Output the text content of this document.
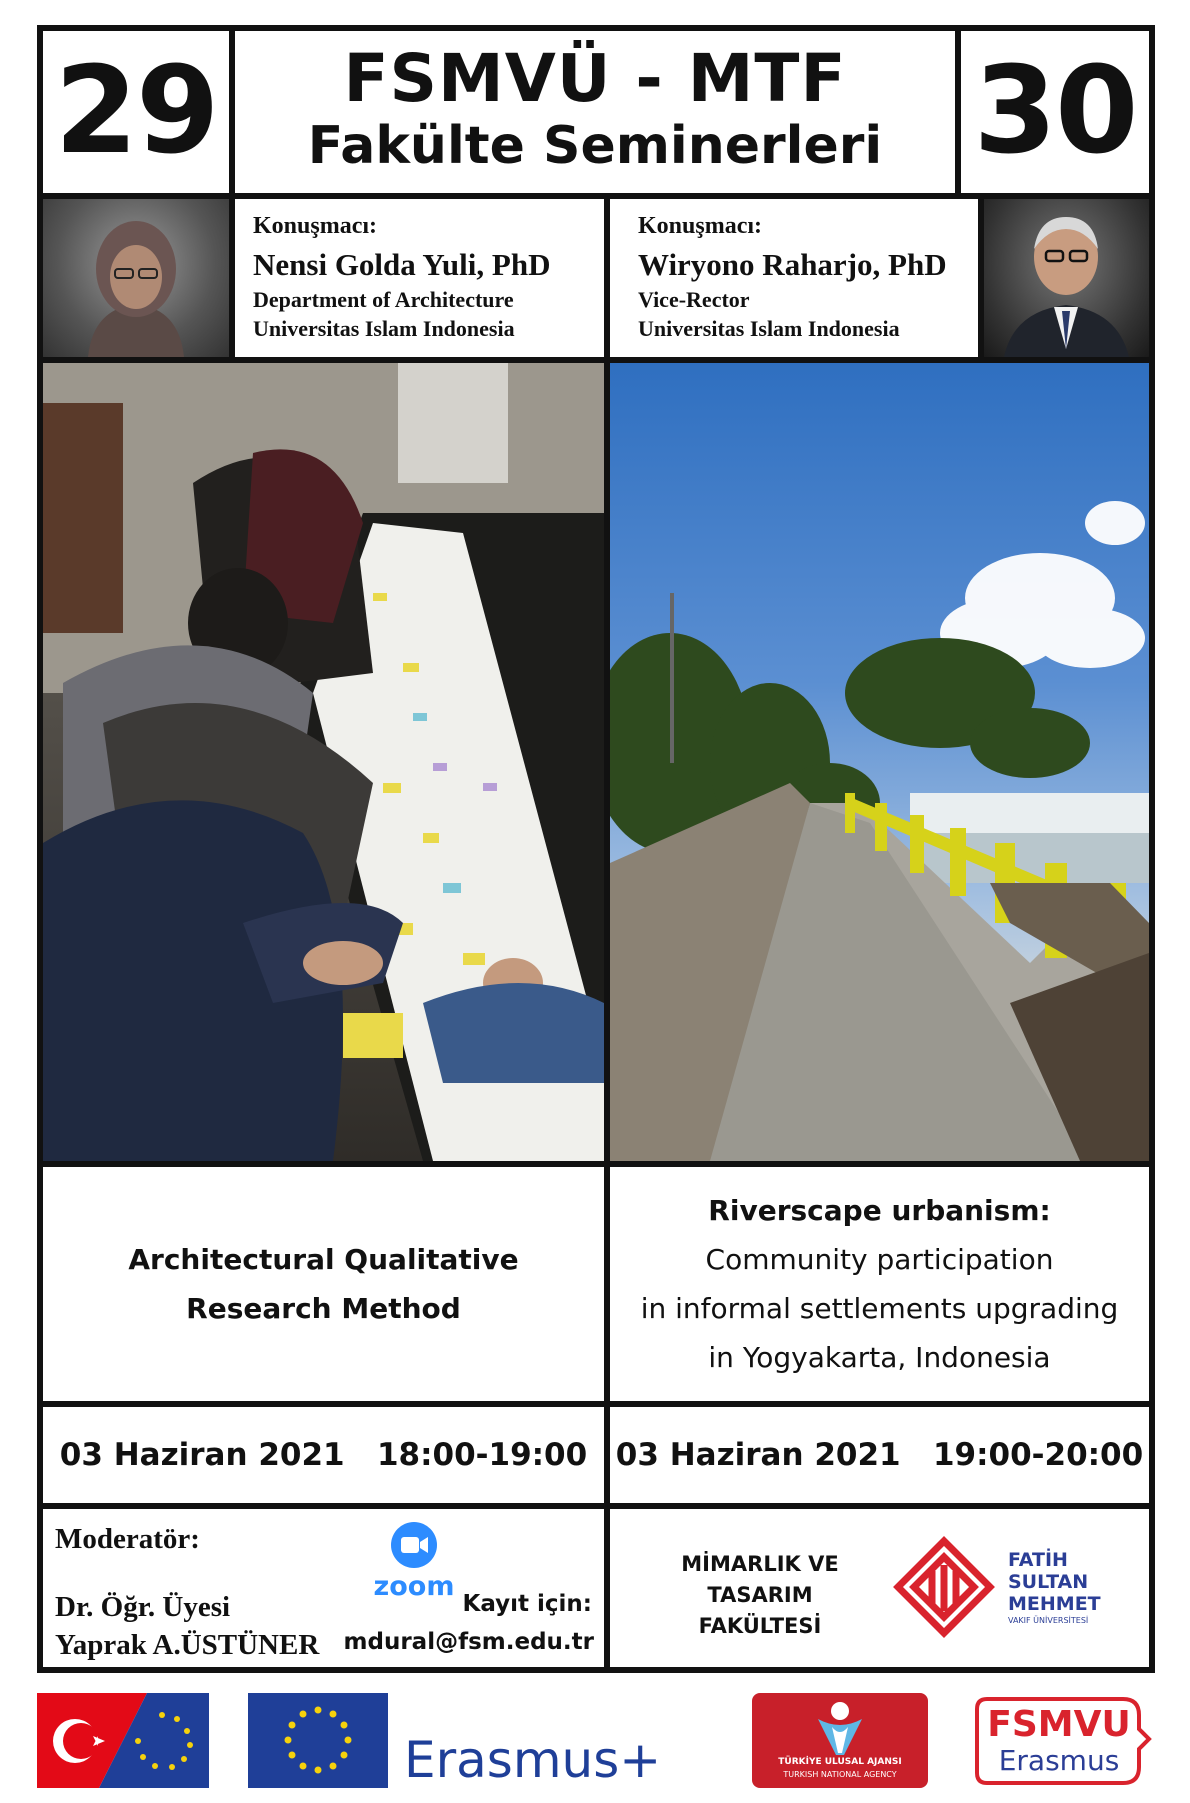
29	FSMVÜ - MTF
Fakülte Seminerleri 30
Konuşmacı:
Nensi Golda Yuli, PhD
Department of Architecture
Universitas Islam Indonesia
Konuşmacı:
Wiryono Raharjo, PhD
Vice-Rector
Universitas Islam Indonesia
Architectural Qualitative
Research Method
Riverscape urbanism:
Community participation
in informal settlements upgrading
in Yogyakarta, Indonesia
03 Haziran 2021   18:00-19:00 03 Haziran 2021   19:00-20:00
Moderatör:
Dr. Öğr. Üyesi
Yaprak A.ÜSTÜNER
zoom
Kayıt için:
mdural@fsm.edu.tr
MİMARLIK VE
TASARIM
FAKÜLTESİ
FATİH
SULTAN
MEHMET
VAKIF ÜNİVERSİTESİ
Erasmus+	TÜRKİYE ULUSAL AJANSI
TURKISH NATIONAL AGENCY
FSMVU
Erasmus
